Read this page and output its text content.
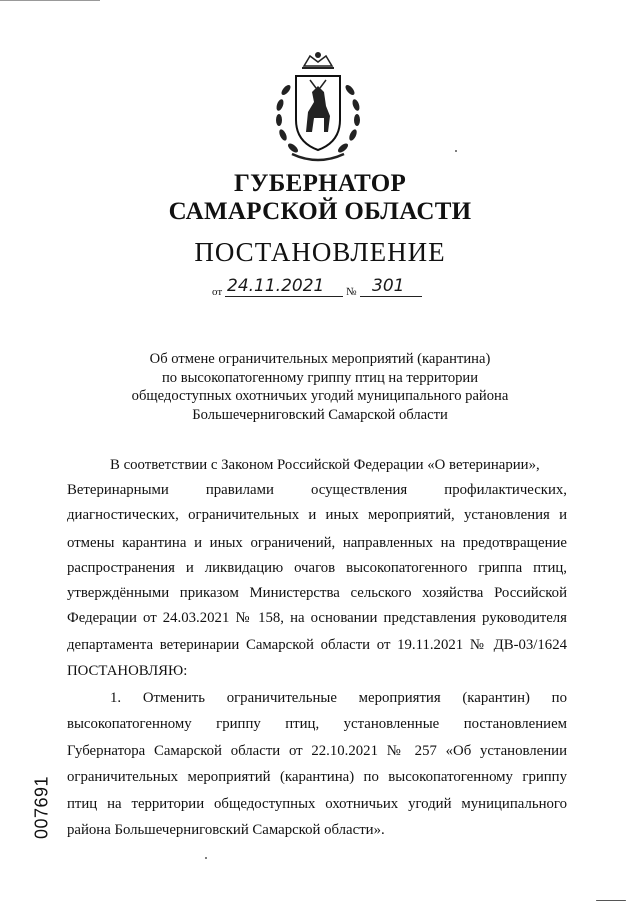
ГУБЕРНАТОР
САМАРСКОЙ ОБЛАСТИ
ПОСТАНОВЛЕНИЕ
от 24.11.2021 № 301
Об отмене ограничительных мероприятий (карантина)
по высокопатогенному гриппу птиц на территории
общедоступных охотничьих угодий муниципального района
Большечерниговский Самарской области
В соответствии с Законом Российской Федерации «О ветеринарии»,
Ветеринарными правилами осуществления профилактических,
диагностических, ограничительных и иных мероприятий, установления и
отмены карантина и иных ограничений, направленных на предотвращение
распространения и ликвидацию очагов высокопатогенного гриппа птиц,
утверждёнными приказом Министерства сельского хозяйства Российской
Федерации от 24.03.2021 № 158, на основании представления руководителя
департамента ветеринарии Самарской области от 19.11.2021 № ДВ-03/1624
ПОСТАНОВЛЯЮ:
1. Отменить ограничительные мероприятия (карантин) по
высокопатогенному гриппу птиц, установленные постановлением
Губернатора Самарской области от 22.10.2021 № 257 «Об установлении
ограничительных мероприятий (карантина) по высокопатогенному гриппу
птиц на территории общедоступных охотничьих угодий муниципального
района Большечерниговский Самарской области».
007691
